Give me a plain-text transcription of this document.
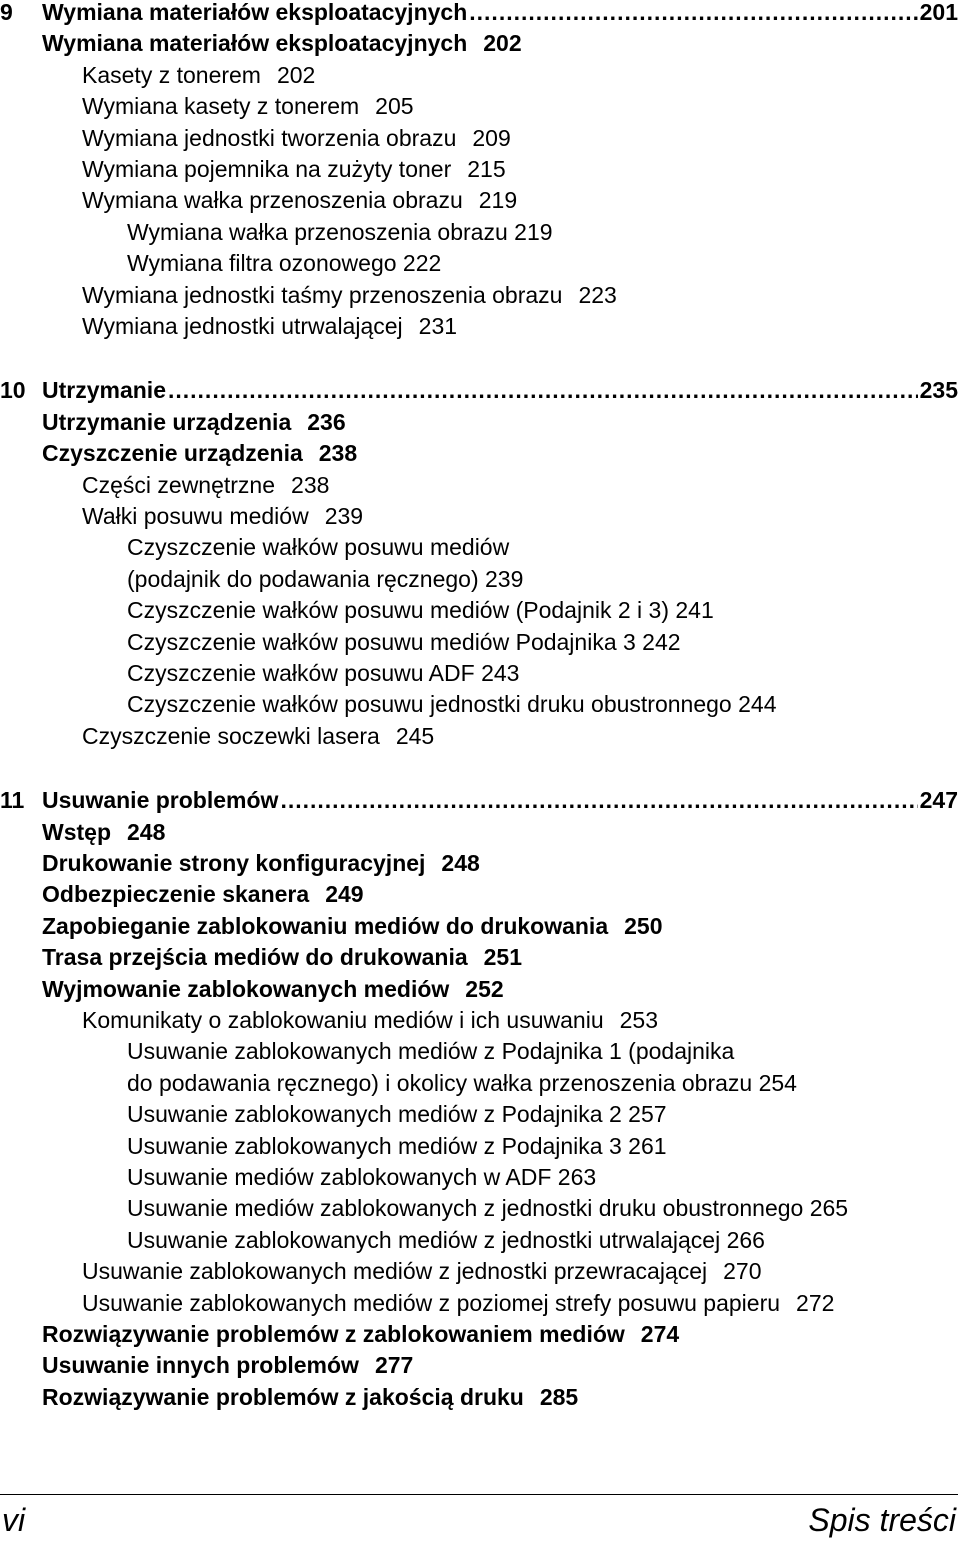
9	Wymiana materiałów eksploatacyjnych .....	201
Wymiana materiałów eksploatacyjnych 202
Kasety z tonerem 202
Wymiana kasety z tonerem 205
Wymiana jednostki tworzenia obrazu 209
Wymiana pojemnika na zużyty toner 215
Wymiana wałka przenoszenia obrazu 219
Wymiana wałka przenoszenia obrazu 219
Wymiana filtra ozonowego 222
Wymiana jednostki taśmy przenoszenia obrazu 223
Wymiana jednostki utrwalającej 231
10 Utrzymanie .....	235
Utrzymanie urządzenia 236
Czyszczenie urządzenia 238
Części zewnętrzne 238
Wałki posuwu mediów 239
Czyszczenie wałków posuwu mediów
(podajnik do podawania ręcznego) 239
Czyszczenie wałków posuwu mediów (Podajnik 2 i 3) 241
Czyszczenie wałków posuwu mediów Podajnika 3 242
Czyszczenie wałków posuwu ADF 243
Czyszczenie wałków posuwu jednostki druku obustronnego 244
Czyszczenie soczewki lasera 245
11 Usuwanie problemów .....	247
Wstęp 248
Drukowanie strony konfiguracyjnej 248
Odbezpieczenie skanera 249
Zapobieganie zablokowaniu mediów do drukowania 250
Trasa przejścia mediów do drukowania 251
Wyjmowanie zablokowanych mediów 252
Komunikaty o zablokowaniu mediów i ich usuwaniu 253
Usuwanie zablokowanych mediów z Podajnika 1 (podajnika
do podawania ręcznego) i okolicy wałka przenoszenia obrazu 254
Usuwanie zablokowanych mediów z Podajnika 2 257
Usuwanie zablokowanych mediów z Podajnika 3 261
Usuwanie mediów zablokowanych w ADF 263
Usuwanie mediów zablokowanych z jednostki druku obustronnego 265
Usuwanie zablokowanych mediów z jednostki utrwalającej 266
Usuwanie zablokowanych mediów z jednostki przewracającej 270
Usuwanie zablokowanych mediów z poziomej strefy posuwu papieru 272
Rozwiązywanie problemów z zablokowaniem mediów 274
Usuwanie innych problemów 277
Rozwiązywanie problemów z jakością druku 285
vi	Spis treści
